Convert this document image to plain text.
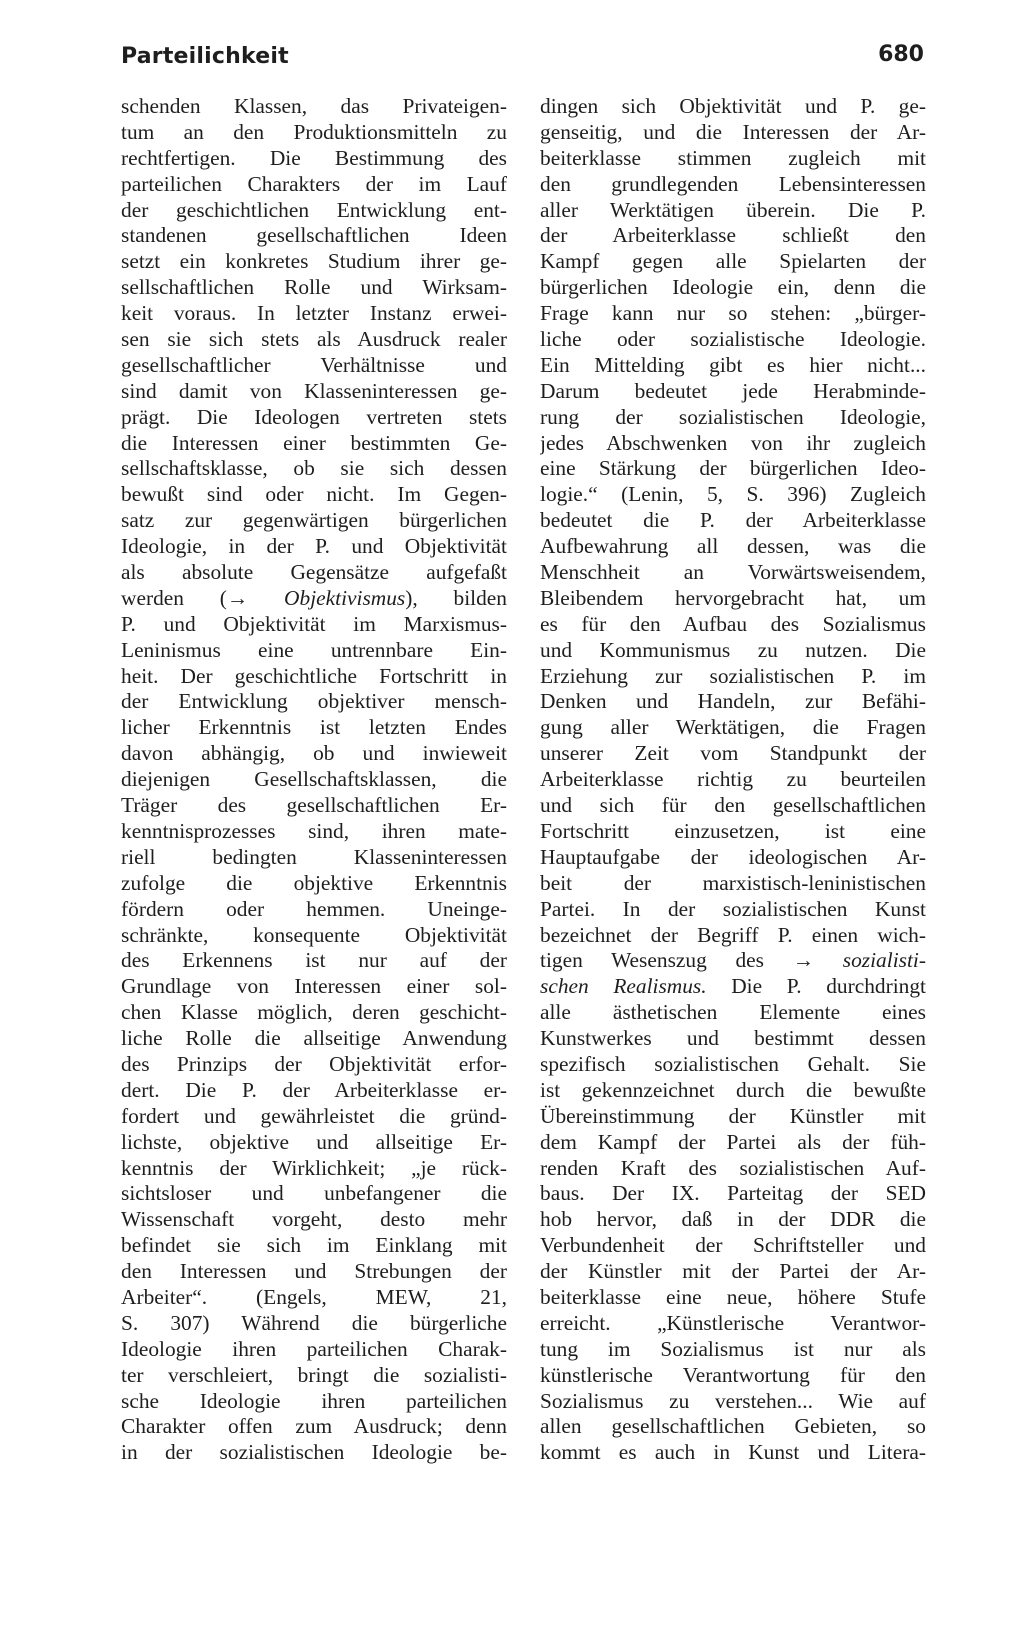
Parteilichkeit	680
schenden Klassen, das Privateigen-
tum an den Produktionsmitteln zu
rechtfertigen. Die Bestimmung des
parteilichen Charakters der im Lauf
der geschichtlichen Entwicklung ent-
standenen gesellschaftlichen Ideen
setzt ein konkretes Studium ihrer ge-
sellschaftlichen Rolle und Wirksam-
keit voraus. In letzter Instanz erwei-
sen sie sich stets als Ausdruck realer
gesellschaftlicher Verhältnisse und
sind damit von Klasseninteressen ge-
prägt. Die Ideologen vertreten stets
die Interessen einer bestimmten Ge-
sellschaftsklasse, ob sie sich dessen
bewußt sind oder nicht. Im Gegen-
satz zur gegenwärtigen bürgerlichen
Ideologie, in der P. und Objektivität
als absolute Gegensätze aufgefaßt
werden (→ Objektivismus), bilden
P. und Objektivität im Marxismus-
Leninismus eine untrennbare Ein-
heit. Der geschichtliche Fortschritt in
der Entwicklung objektiver mensch-
licher Erkenntnis ist letzten Endes
davon abhängig, ob und inwieweit
diejenigen Gesellschaftsklassen, die
Träger des gesellschaftlichen Er-
kenntnisprozesses sind, ihren mate-
riell bedingten Klasseninteressen
zufolge die objektive Erkenntnis
fördern oder hemmen. Uneinge-
schränkte, konsequente Objektivität
des Erkennens ist nur auf der
Grundlage von Interessen einer sol-
chen Klasse möglich, deren geschicht-
liche Rolle die allseitige Anwendung
des Prinzips der Objektivität erfor-
dert. Die P. der Arbeiterklasse er-
fordert und gewährleistet die gründ-
lichste, objektive und allseitige Er-
kenntnis der Wirklichkeit; „je rück-
sichtsloser und unbefangener die
Wissenschaft vorgeht, desto mehr
befindet sie sich im Einklang mit
den Interessen und Strebungen der
Arbeiter“. (Engels, MEW, 21,
S. 307) Während die bürgerliche
Ideologie ihren parteilichen Charak-
ter verschleiert, bringt die sozialisti-
sche Ideologie ihren parteilichen
Charakter offen zum Ausdruck; denn
in der sozialistischen Ideologie be-
dingen sich Objektivität und P. ge-
genseitig, und die Interessen der Ar-
beiterklasse stimmen zugleich mit
den grundlegenden Lebensinteressen
aller Werktätigen überein. Die P.
der Arbeiterklasse schließt den
Kampf gegen alle Spielarten der
bürgerlichen Ideologie ein, denn die
Frage kann nur so stehen: „bürger-
liche oder sozialistische Ideologie.
Ein Mittelding gibt es hier nicht...
Darum bedeutet jede Herabminde-
rung der sozialistischen Ideologie,
jedes Abschwenken von ihr zugleich
eine Stärkung der bürgerlichen Ideo-
logie.“ (Lenin, 5, S. 396) Zugleich
bedeutet die P. der Arbeiterklasse
Aufbewahrung all dessen, was die
Menschheit an Vorwärtsweisendem,
Bleibendem hervorgebracht hat, um
es für den Aufbau des Sozialismus
und Kommunismus zu nutzen. Die
Erziehung zur sozialistischen P. im
Denken und Handeln, zur Befähi-
gung aller Werktätigen, die Fragen
unserer Zeit vom Standpunkt der
Arbeiterklasse richtig zu beurteilen
und sich für den gesellschaftlichen
Fortschritt einzusetzen, ist eine
Hauptaufgabe der ideologischen Ar-
beit der marxistisch-leninistischen
Partei. In der sozialistischen Kunst
bezeichnet der Begriff P. einen wich-
tigen Wesenszug des → sozialisti-
schen Realismus. Die P. durchdringt
alle ästhetischen Elemente eines
Kunstwerkes und bestimmt dessen
spezifisch sozialistischen Gehalt. Sie
ist gekennzeichnet durch die bewußte
Übereinstimmung der Künstler mit
dem Kampf der Partei als der füh-
renden Kraft des sozialistischen Auf-
baus. Der IX. Parteitag der SED
hob hervor, daß in der DDR die
Verbundenheit der Schriftsteller und
der Künstler mit der Partei der Ar-
beiterklasse eine neue, höhere Stufe
erreicht. „Künstlerische Verantwor-
tung im Sozialismus ist nur als
künstlerische Verantwortung für den
Sozialismus zu verstehen... Wie auf
allen gesellschaftlichen Gebieten, so
kommt es auch in Kunst und Litera-
